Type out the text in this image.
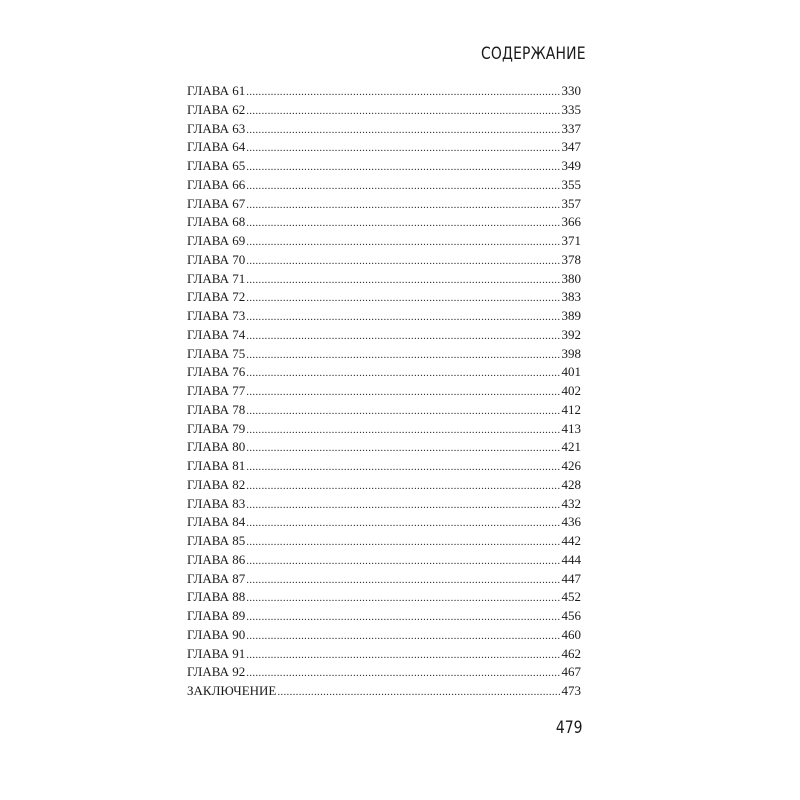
СОДЕРЖАНИЕ
ГЛАВА 61 .....	330
ГЛАВА 62 .....	335
ГЛАВА 63 .....	337
ГЛАВА 64 .....	347
ГЛАВА 65 .....	349
ГЛАВА 66 .....	355
ГЛАВА 67 .....	357
ГЛАВА 68 .....	366
ГЛАВА 69 .....	371
ГЛАВА 70 .....	378
ГЛАВА 71 .....	380
ГЛАВА 72 .....	383
ГЛАВА 73 .....	389
ГЛАВА 74 .....	392
ГЛАВА 75 .....	398
ГЛАВА 76 .....	401
ГЛАВА 77 .....	402
ГЛАВА 78 .....	412
ГЛАВА 79 .....	413
ГЛАВА 80 .....	421
ГЛАВА 81 .....	426
ГЛАВА 82 .....	428
ГЛАВА 83 .....	432
ГЛАВА 84 .....	436
ГЛАВА 85 .....	442
ГЛАВА 86 .....	444
ГЛАВА 87 .....	447
ГЛАВА 88 .....	452
ГЛАВА 89 .....	456
ГЛАВА 90 .....	460
ГЛАВА 91 .....	462
ГЛАВА 92 .....	467
ЗАКЛЮЧЕНИЕ .....	473
479
